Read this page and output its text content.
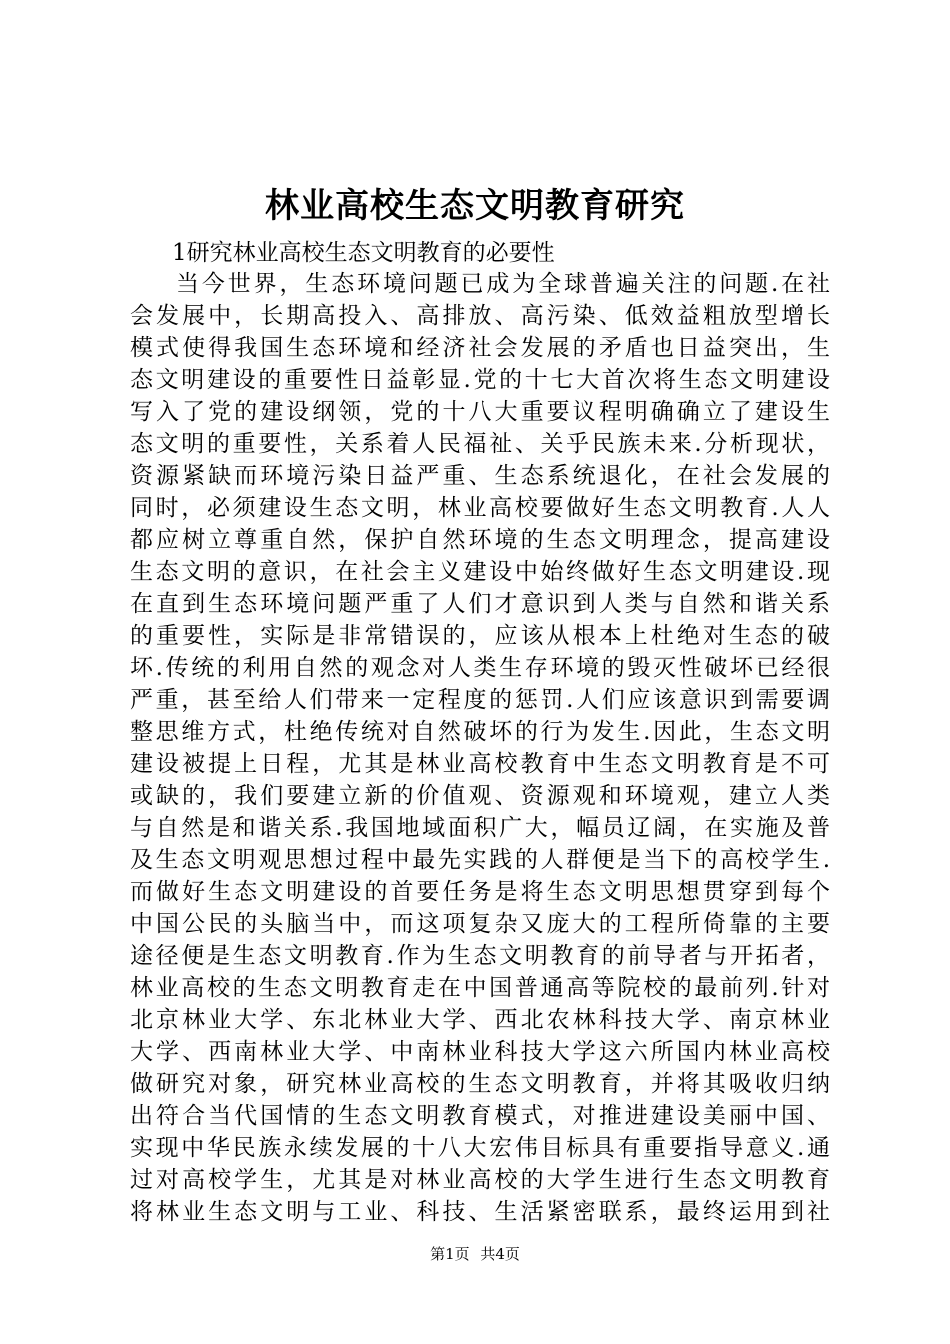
林业高校生态文明教育研究

1研究林业高校生态文明教育的必要性

当今世界，生态环境问题已成为全球普遍关注的问题.在社
会发展中，长期高投入、高排放、高污染、低效益粗放型增长
模式使得我国生态环境和经济社会发展的矛盾也日益突出，生
态文明建设的重要性日益彰显.党的十七大首次将生态文明建设
写入了党的建设纲领，党的十八大重要议程明确确立了建设生
态文明的重要性，关系着人民福祉、关乎民族未来.分析现状，
资源紧缺而环境污染日益严重、生态系统退化，在社会发展的
同时，必须建设生态文明，林业高校要做好生态文明教育.人人
都应树立尊重自然，保护自然环境的生态文明理念，提高建设
生态文明的意识，在社会主义建设中始终做好生态文明建设.现
在直到生态环境问题严重了人们才意识到人类与自然和谐关系
的重要性，实际是非常错误的，应该从根本上杜绝对生态的破
坏.传统的利用自然的观念对人类生存环境的毁灭性破坏已经很
严重，甚至给人们带来一定程度的惩罚.人们应该意识到需要调
整思维方式，杜绝传统对自然破坏的行为发生.因此，生态文明
建设被提上日程，尤其是林业高校教育中生态文明教育是不可
或缺的，我们要建立新的价值观、资源观和环境观，建立人类
与自然是和谐关系.我国地域面积广大，幅员辽阔，在实施及普
及生态文明观思想过程中最先实践的人群便是当下的高校学生.
而做好生态文明建设的首要任务是将生态文明思想贯穿到每个
中国公民的头脑当中，而这项复杂又庞大的工程所倚靠的主要
途径便是生态文明教育.作为生态文明教育的前导者与开拓者，
林业高校的生态文明教育走在中国普通高等院校的最前列.针对
北京林业大学、东北林业大学、西北农林科技大学、南京林业
大学、西南林业大学、中南林业科技大学这六所国内林业高校
做研究对象，研究林业高校的生态文明教育，并将其吸收归纳
出符合当代国情的生态文明教育模式，对推进建设美丽中国、
实现中华民族永续发展的十八大宏伟目标具有重要指导意义.通
过对高校学生，尤其是对林业高校的大学生进行生态文明教育
将林业生态文明与工业、科技、生活紧密联系，最终运用到社
第1页 共4页
